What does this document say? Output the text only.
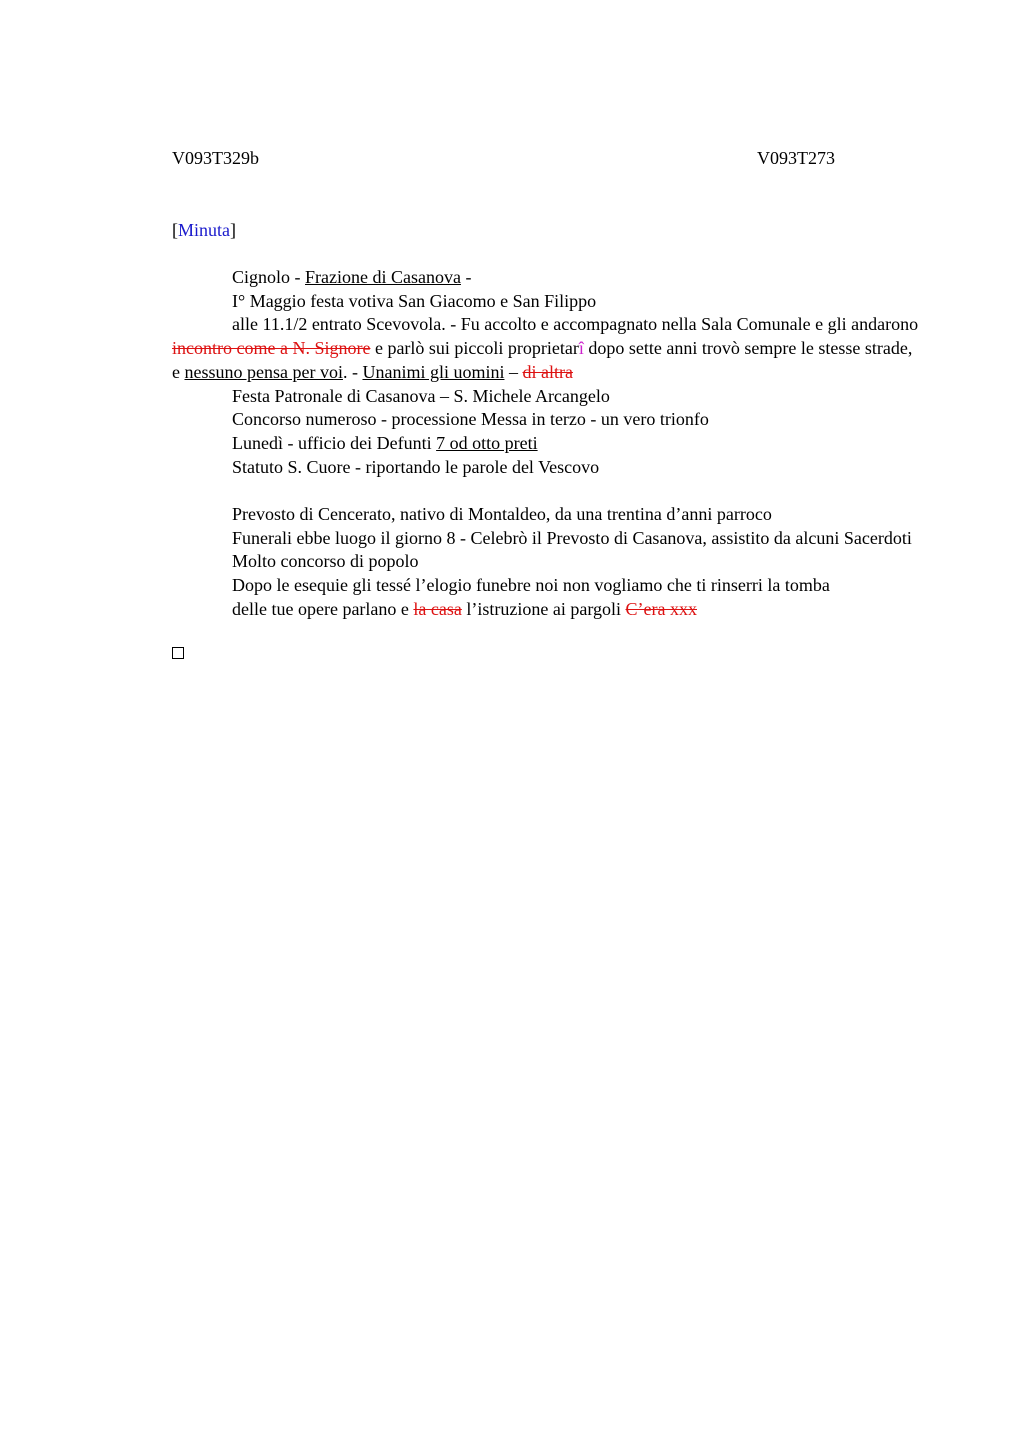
V093T329b	V093T273
[Minuta]

Cignolo - Frazione di Casanova -

I° Maggio festa votiva San Giacomo e San Filippo

alle 11.1/2 entrato Scevovola. - Fu accolto e accompagnato nella Sala Comunale e gli andarono incontro come a N. Signore e parlò sui piccoli proprietarî dopo sette anni trovò sempre le stesse strade, e nessuno pensa per voi. - Unanimi gli uomini – di altra

Festa Patronale di Casanova – S. Michele Arcangelo

Concorso numeroso - processione Messa in terzo - un vero trionfo

Lunedì - ufficio dei Defunti 7 od otto preti

Statuto S. Cuore - riportando le parole del Vescovo

Prevosto di Cencerato, nativo di Montaldeo, da una trentina d’anni parroco

Funerali ebbe luogo il giorno 8 - Celebrò il Prevosto di Casanova, assistito da alcuni Sacerdoti

Molto concorso di popolo

Dopo le esequie gli tessé l’elogio funebre noi non vogliamo che ti rinserri la tomba

delle tue opere parlano e la casa l’istruzione ai pargoli C’era xxx
